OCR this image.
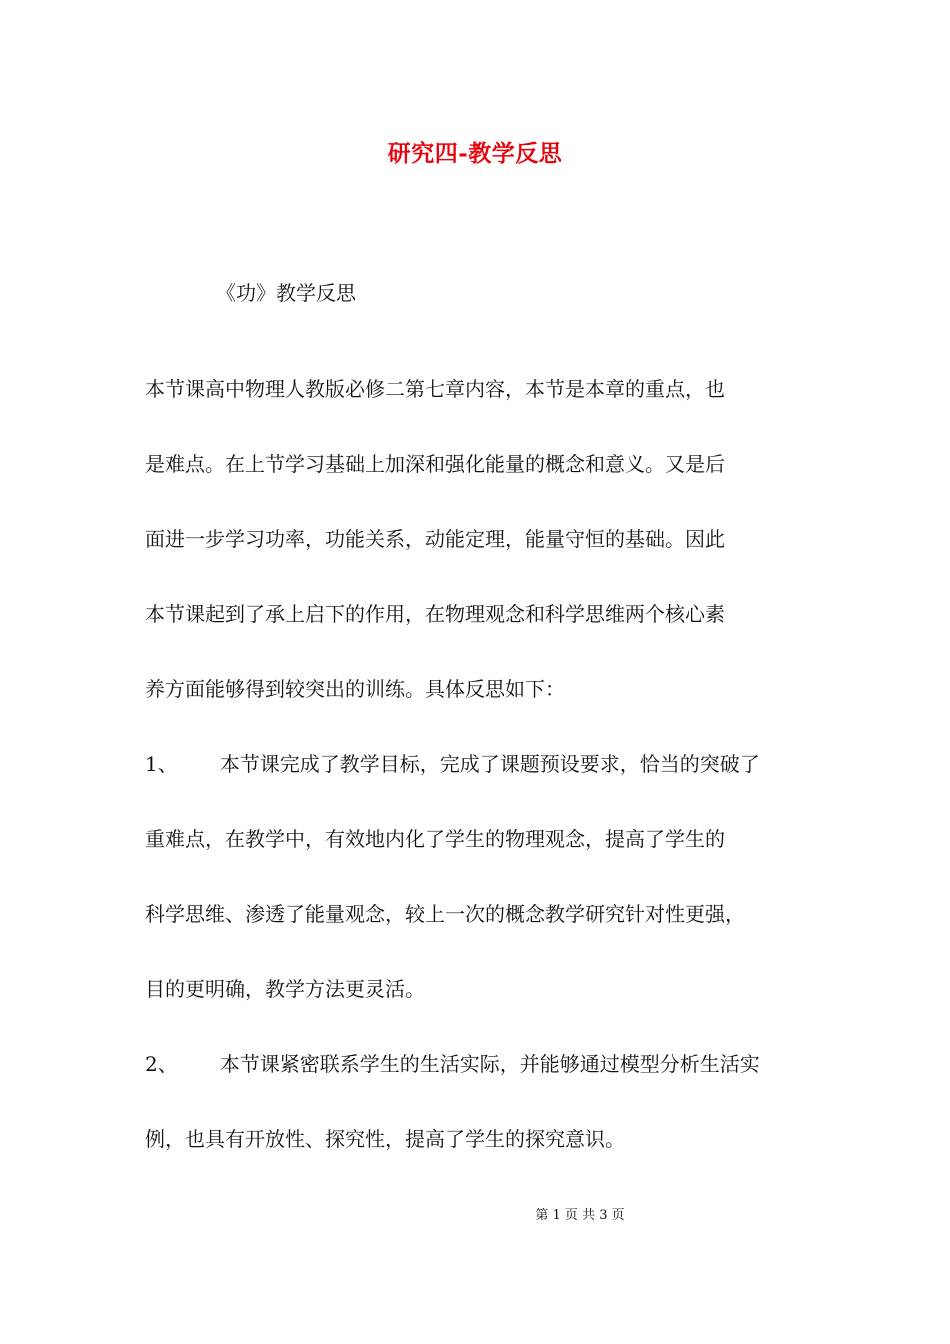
研究四-教学反思
《功》教学反思
本节课高中物理人教版必修二第七章内容，本节是本章的重点，也
是难点。在上节学习基础上加深和强化能量的概念和意义。又是后
面进一步学习功率，功能关系，动能定理，能量守恒的基础。因此
本节课起到了承上启下的作用，在物理观念和科学思维两个核心素
养方面能够得到较突出的训练。具体反思如下：
1、 本节课完成了教学目标，完成了课题预设要求，恰当的突破了
重难点，在教学中，有效地内化了学生的物理观念，提高了学生的
科学思维、渗透了能量观念，较上一次的概念教学研究针对性更强，
目的更明确，教学方法更灵活。
2、 本节课紧密联系学生的生活实际，并能够通过模型分析生活实
例，也具有开放性、探究性，提高了学生的探究意识。
第 1 页 共 3 页
